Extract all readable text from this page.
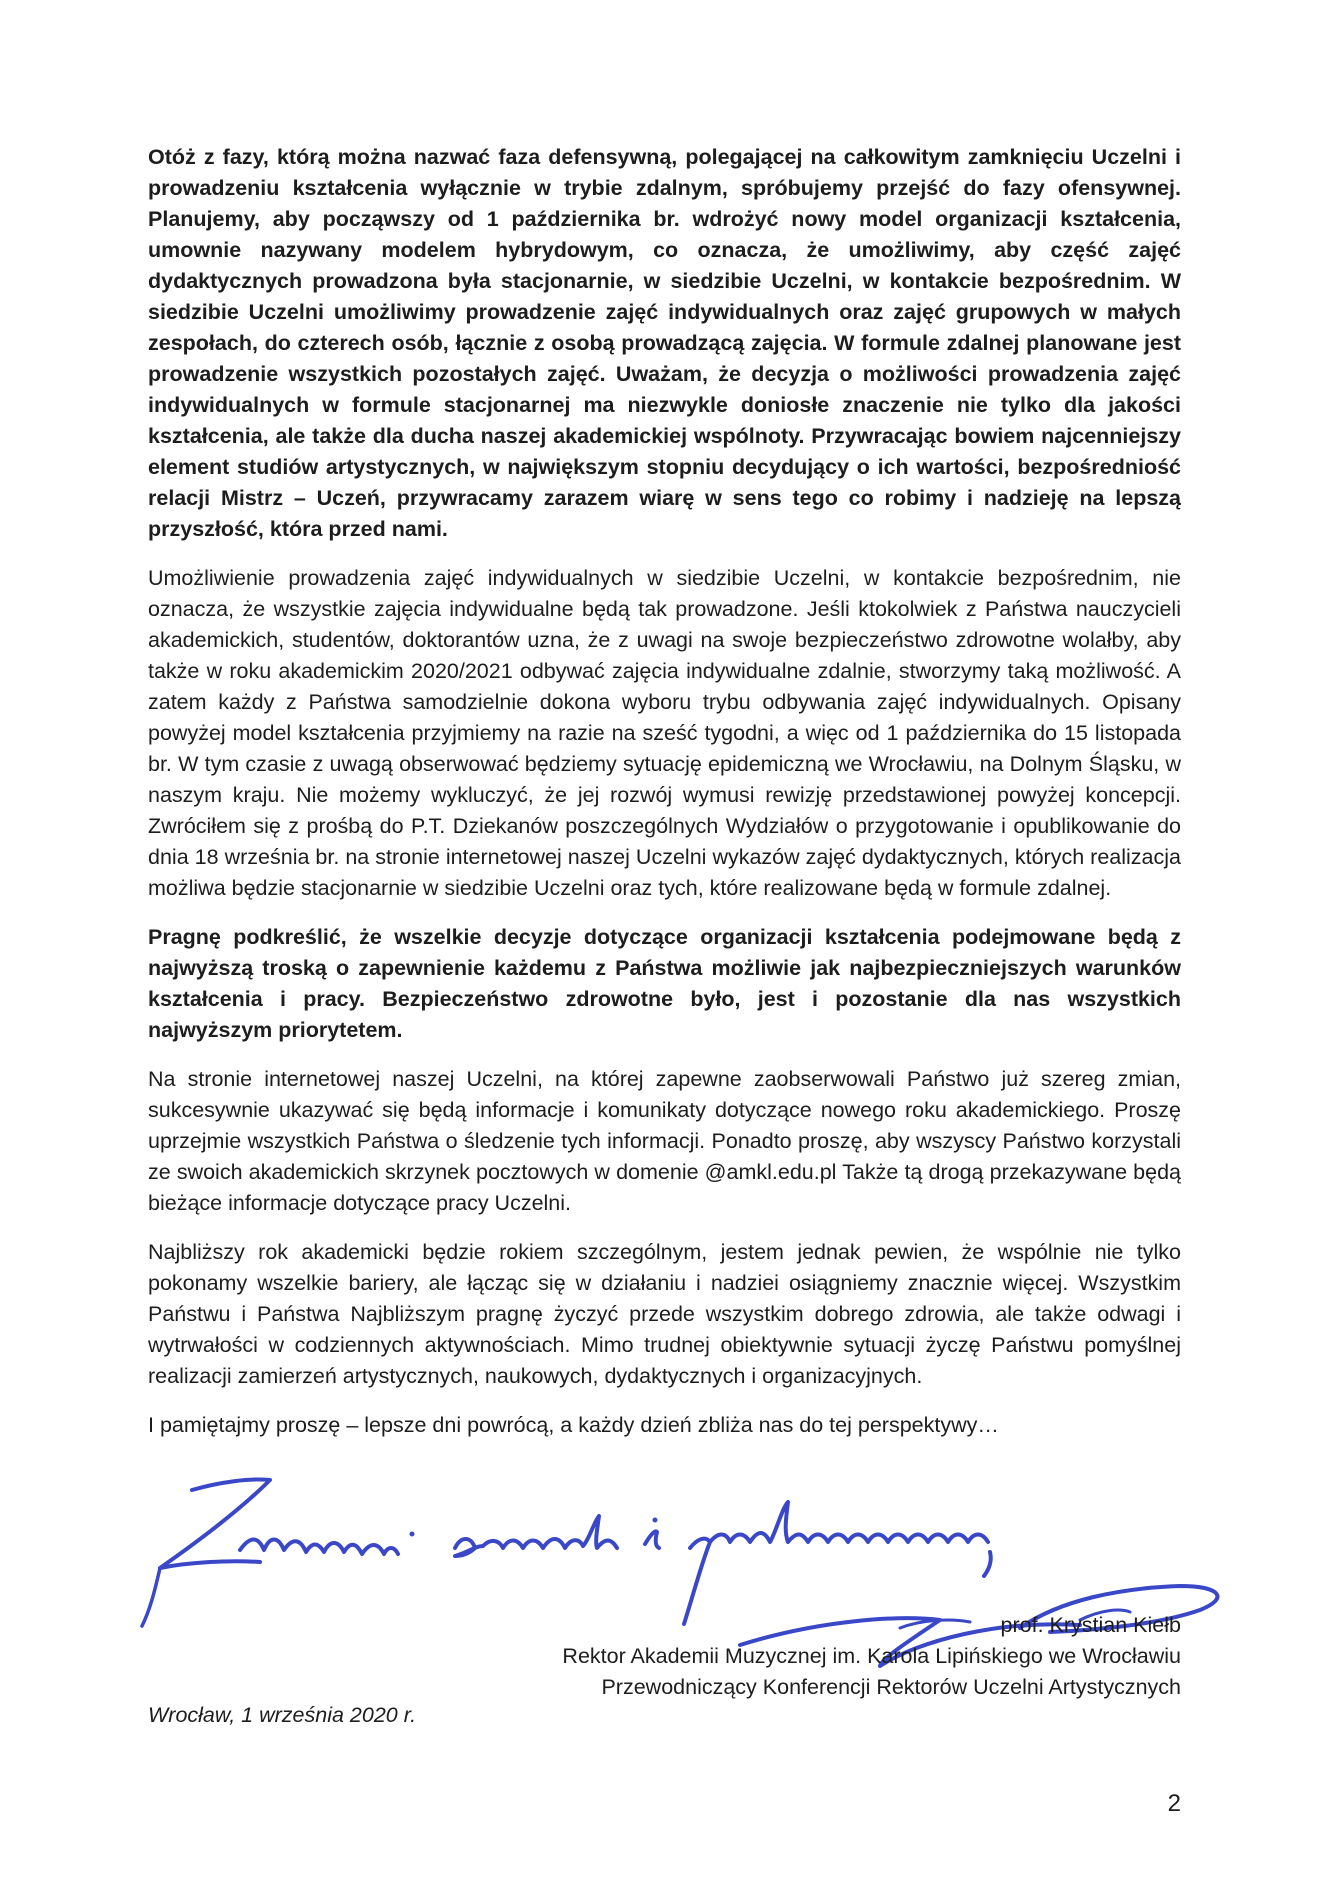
Otóż z fazy, którą można nazwać faza defensywną, polegającej na całkowitym zamknięciu Uczelni i prowadzeniu kształcenia wyłącznie w trybie zdalnym, spróbujemy przejść do fazy ofensywnej. Planujemy, aby począwszy od 1 października br. wdrożyć nowy model organizacji kształcenia, umownie nazywany modelem hybrydowym, co oznacza, że umożliwimy, aby część zajęć dydaktycznych prowadzona była stacjonarnie, w siedzibie Uczelni, w kontakcie bezpośrednim. W siedzibie Uczelni umożliwimy prowadzenie zajęć indywidualnych oraz zajęć grupowych w małych zespołach, do czterech osób, łącznie z osobą prowadzącą zajęcia. W formule zdalnej planowane jest prowadzenie wszystkich pozostałych zajęć. Uważam, że decyzja o możliwości prowadzenia zajęć indywidualnych w formule stacjonarnej ma niezwykle doniosłe znaczenie nie tylko dla jakości kształcenia, ale także dla ducha naszej akademickiej wspólnoty. Przywracając bowiem najcenniejszy element studiów artystycznych, w największym stopniu decydujący o ich wartości, bezpośredniość relacji Mistrz – Uczeń, przywracamy zarazem wiarę w sens tego co robimy i nadzieję na lepszą przyszłość, która przed nami.

Umożliwienie prowadzenia zajęć indywidualnych w siedzibie Uczelni, w kontakcie bezpośrednim, nie oznacza, że wszystkie zajęcia indywidualne będą tak prowadzone. Jeśli ktokolwiek z Państwa nauczycieli akademickich, studentów, doktorantów uzna, że z uwagi na swoje bezpieczeństwo zdrowotne wolałby, aby także w roku akademickim 2020/2021 odbywać zajęcia indywidualne zdalnie, stworzymy taką możliwość. A zatem każdy z Państwa samodzielnie dokona wyboru trybu odbywania zajęć indywidualnych. Opisany powyżej model kształcenia przyjmiemy na razie na sześć tygodni, a więc od 1 października do 15 listopada br. W tym czasie z uwagą obserwować będziemy sytuację epidemiczną we Wrocławiu, na Dolnym Śląsku, w naszym kraju. Nie możemy wykluczyć, że jej rozwój wymusi rewizję przedstawionej powyżej koncepcji. Zwróciłem się z prośbą do P.T. Dziekanów poszczególnych Wydziałów o przygotowanie i opublikowanie do dnia 18 września br. na stronie internetowej naszej Uczelni wykazów zajęć dydaktycznych, których realizacja możliwa będzie stacjonarnie w siedzibie Uczelni oraz tych, które realizowane będą w formule zdalnej.

Pragnę podkreślić, że wszelkie decyzje dotyczące organizacji kształcenia podejmowane będą z najwyższą troską o zapewnienie każdemu z Państwa możliwie jak najbezpieczniejszych warunków kształcenia i pracy. Bezpieczeństwo zdrowotne było, jest i pozostanie dla nas wszystkich najwyższym priorytetem.

Na stronie internetowej naszej Uczelni, na której zapewne zaobserwowali Państwo już szereg zmian, sukcesywnie ukazywać się będą informacje i komunikaty dotyczące nowego roku akademickiego. Proszę uprzejmie wszystkich Państwa o śledzenie tych informacji. Ponadto proszę, aby wszyscy Państwo korzystali ze swoich akademickich skrzynek pocztowych w domenie @amkl.edu.pl Także tą drogą przekazywane będą bieżące informacje dotyczące pracy Uczelni.

Najbliższy rok akademicki będzie rokiem szczególnym, jestem jednak pewien, że wspólnie nie tylko pokonamy wszelkie bariery, ale łącząc się w działaniu i nadziei osiągniemy znacznie więcej. Wszystkim Państwu i Państwa Najbliższym pragnę życzyć przede wszystkim dobrego zdrowia, ale także odwagi i wytrwałości w codziennych aktywnościach. Mimo trudnej obiektywnie sytuacji życzę Państwu pomyślnej realizacji zamierzeń artystycznych, naukowych, dydaktycznych i organizacyjnych.

I pamiętajmy proszę – lepsze dni powrócą, a każdy dzień zbliża nas do tej perspektywy…

prof. Krystian Kiełb
Rektor Akademii Muzycznej im. Karola Lipińskiego we Wrocławiu
Przewodniczący Konferencji Rektorów Uczelni Artystycznych
Wrocław, 1 września 2020 r.
2
